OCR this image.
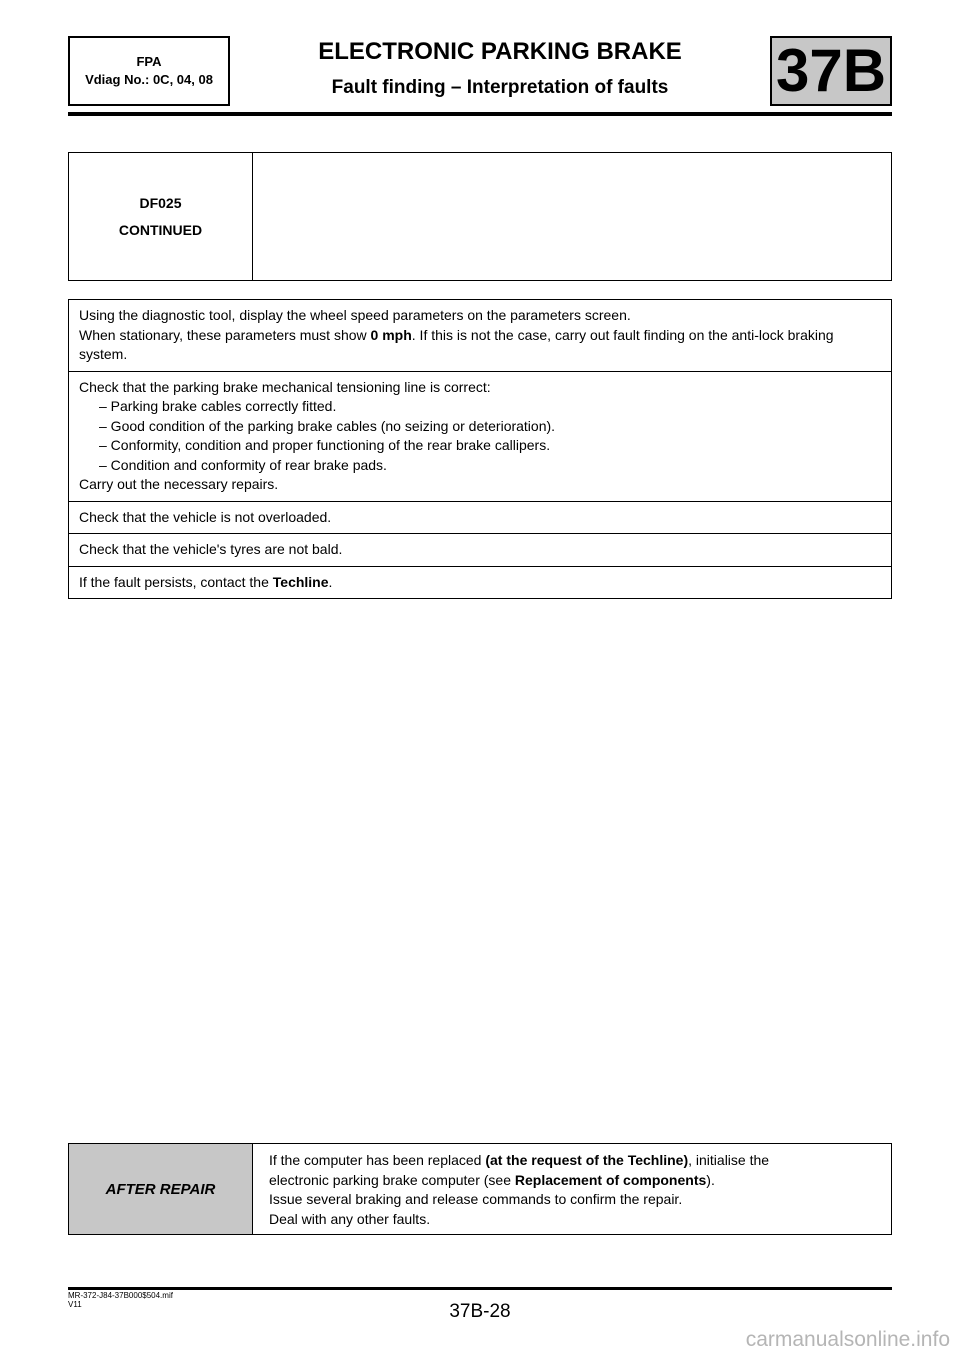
FPA
Vdiag No.: 0C, 04, 08
ELECTRONIC PARKING BRAKE
Fault finding – Interpretation of faults	37B
DF025
CONTINUED

Using the diagnostic tool, display the wheel speed parameters on the parameters screen.

When stationary, these parameters must show 0 mph. If this is not the case, carry out fault finding on the anti-lock braking system.

Check that the parking brake mechanical tensioning line is correct:

– Parking brake cables correctly fitted.

– Good condition of the parking brake cables (no seizing or deterioration).

– Conformity, condition and proper functioning of the rear brake callipers.

– Condition and conformity of rear brake pads.

Carry out the necessary repairs.

Check that the vehicle is not overloaded.

Check that the vehicle's tyres are not bald.

If the fault persists, contact the Techline.

AFTER REPAIR

If the computer has been replaced (at the request of the Techline), initialise the

electronic parking brake computer (see Replacement of components).

Issue several braking and release commands to confirm the repair.

Deal with any other faults.

MR-372-J84-37B000$504.mif
V11	37B-28
carmanualsonline.info
